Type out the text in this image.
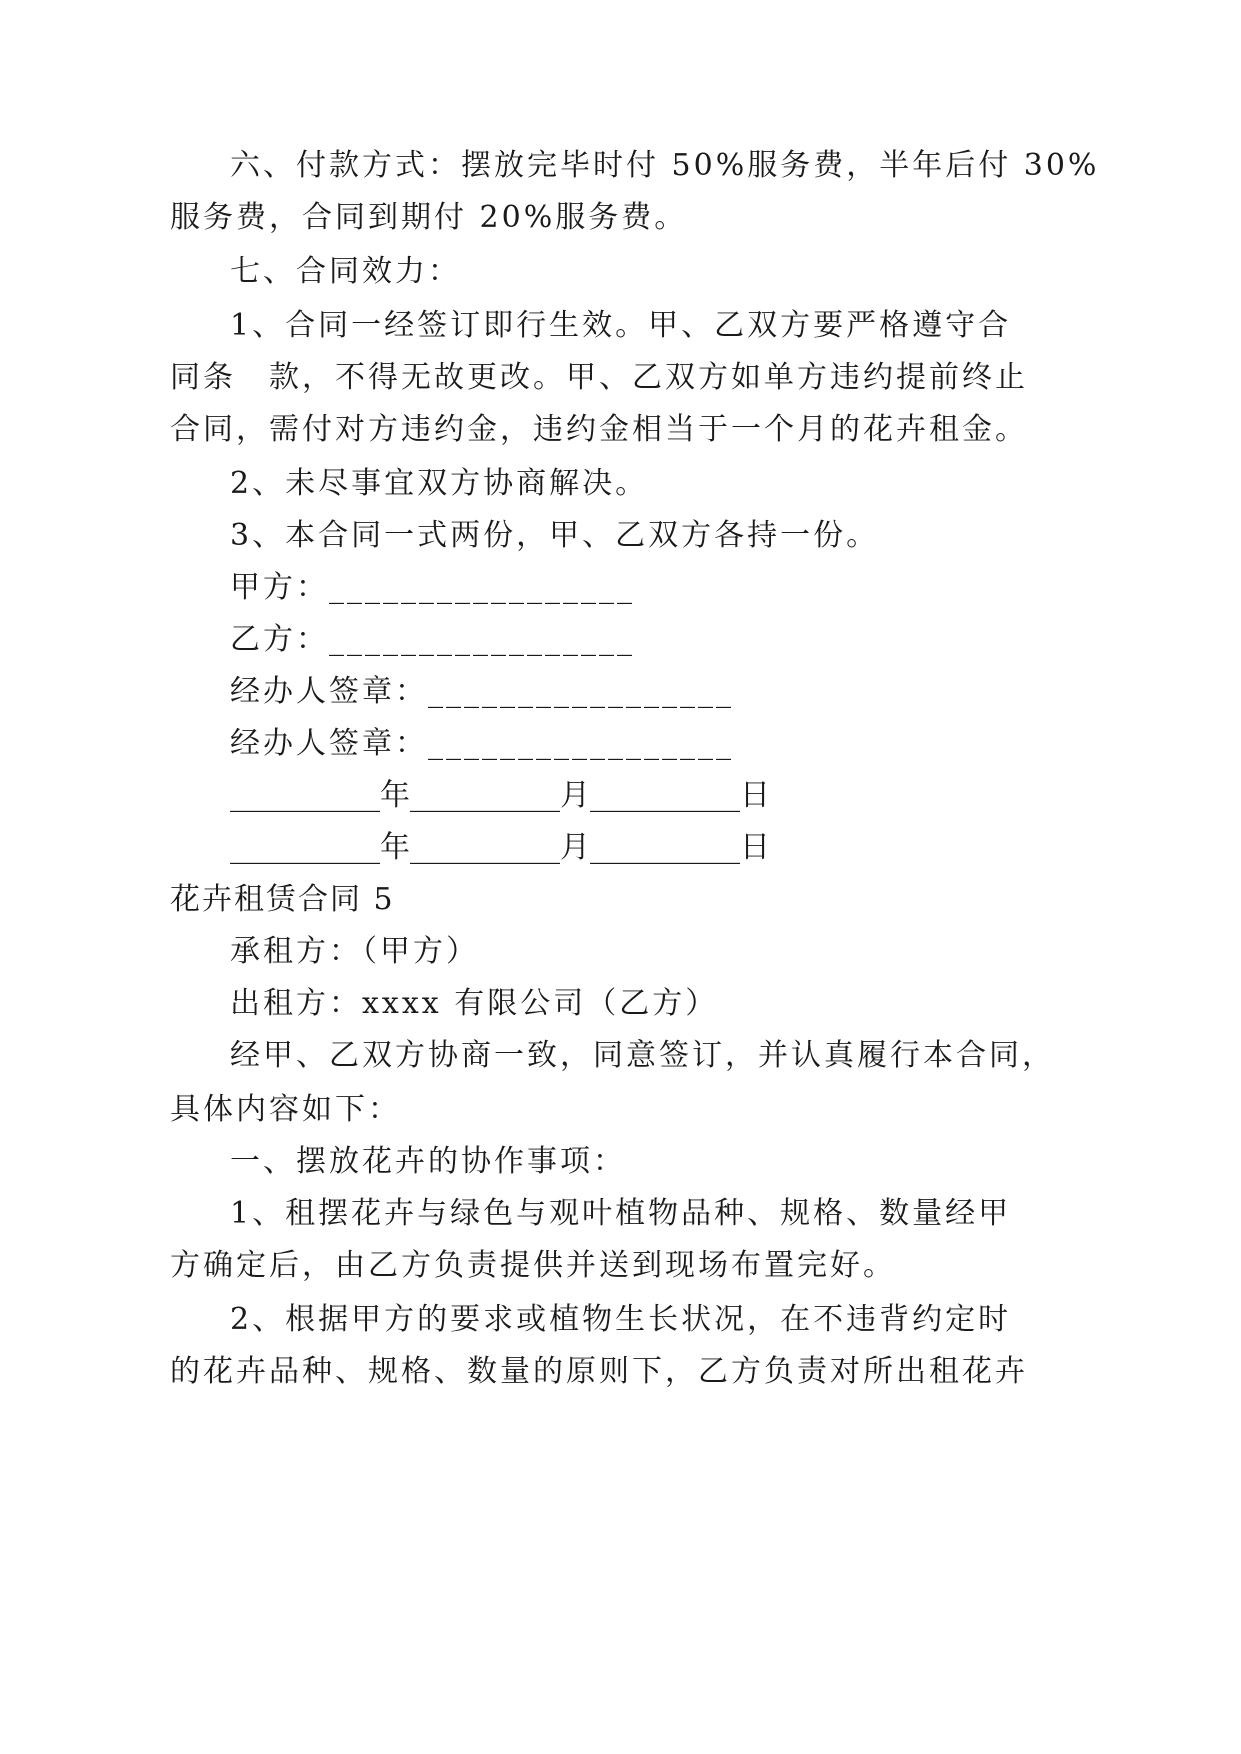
六、付款方式：摆放完毕时付 50%服务费，半年后付 30%
服务费，合同到期付 20%服务费。
七、合同效力：
1、合同一经签订即行生效。甲、乙双方要严格遵守合
同条　款，不得无故更改。甲、乙双方如单方违约提前终止
合同，需付对方违约金，违约金相当于一个月的花卉租金。
2、未尽事宜双方协商解决。
3、本合同一式两份，甲、乙双方各持一份。
甲方：_________________
乙方：_________________
经办人签章：_________________
经办人签章：_________________
__________年__________月__________日
__________年__________月__________日
花卉租赁合同 5
承租方：（甲方）
出租方：xxxx 有限公司（乙方）
经甲、乙双方协商一致，同意签订，并认真履行本合同，
具体内容如下：
一、摆放花卉的协作事项：
1、租摆花卉与绿色与观叶植物品种、规格、数量经甲
方确定后，由乙方负责提供并送到现场布置完好。
2、根据甲方的要求或植物生长状况，在不违背约定时
的花卉品种、规格、数量的原则下，乙方负责对所出租花卉
